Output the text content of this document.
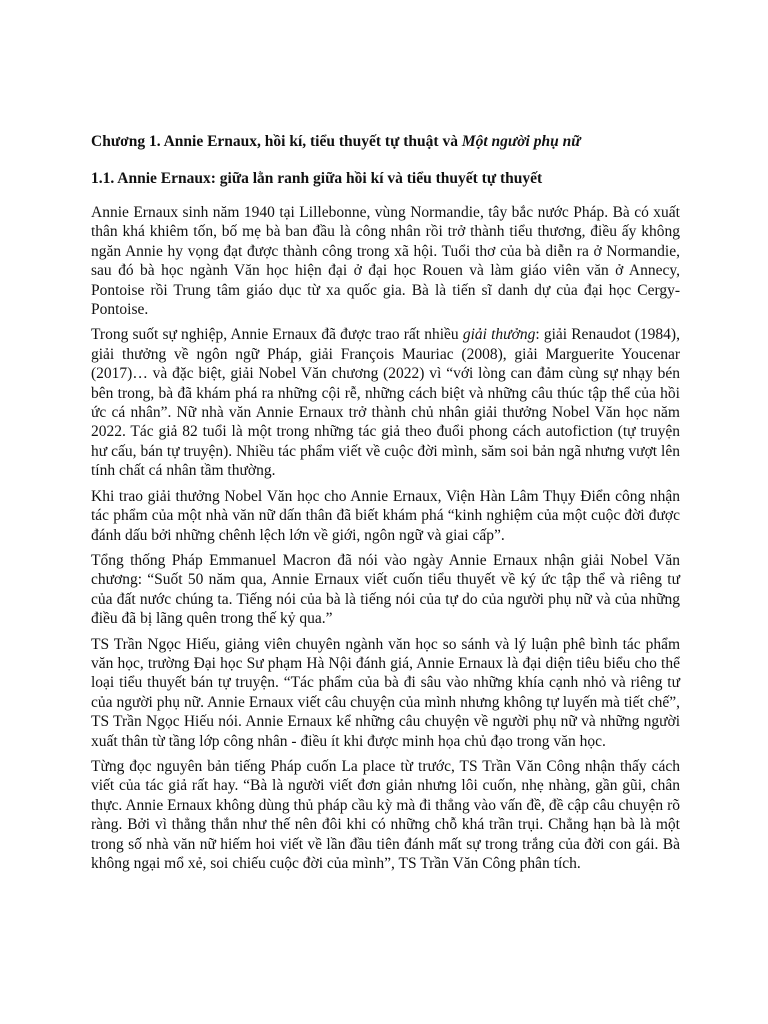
Chương 1. Annie Ernaux, hồi kí, tiểu thuyết tự thuật và Một người phụ nữ

1.1. Annie Ernaux: giữa lằn ranh giữa hồi kí và tiểu thuyết tự thuyết

Annie Ernaux sinh năm 1940 tại Lillebonne, vùng Normandie, tây bắc nước Pháp. Bà có xuất thân khá khiêm tốn, bố mẹ bà ban đầu là công nhân rồi trở thành tiểu thương, điều ấy không ngăn Annie hy vọng đạt được thành công trong xã hội. Tuổi thơ của bà diễn ra ở Normandie, sau đó bà học ngành Văn học hiện đại ở đại học Rouen và làm giáo viên văn ở Annecy, Pontoise rồi Trung tâm giáo dục từ xa quốc gia. Bà là tiến sĩ danh dự của đại học Cergy-Pontoise.

Trong suốt sự nghiệp, Annie Ernaux đã được trao rất nhiều giải thưởng: giải Renaudot (1984), giải thưởng về ngôn ngữ Pháp, giải François Mauriac (2008), giải Marguerite Youcenar (2017)… và đặc biệt, giải Nobel Văn chương (2022) vì “với lòng can đảm cùng sự nhạy bén bên trong, bà đã khám phá ra những cội rễ, những cách biệt và những câu thúc tập thể của hồi ức cá nhân”. Nữ nhà văn Annie Ernaux trở thành chủ nhân giải thưởng Nobel Văn học năm 2022. Tác giả 82 tuổi là một trong những tác giả theo đuổi phong cách autofiction (tự truyện hư cấu, bán tự truyện). Nhiều tác phẩm viết về cuộc đời mình, săm soi bản ngã nhưng vượt lên tính chất cá nhân tầm thường.

Khi trao giải thưởng Nobel Văn học cho Annie Ernaux, Viện Hàn Lâm Thụy Điển công nhận tác phẩm của một nhà văn nữ dấn thân đã biết khám phá “kinh nghiệm của một cuộc đời được đánh dấu bởi những chênh lệch lớn về giới, ngôn ngữ và giai cấp”.

Tổng thống Pháp Emmanuel Macron đã nói vào ngày Annie Ernaux nhận giải Nobel Văn chương: “Suốt 50 năm qua, Annie Ernaux viết cuốn tiểu thuyết về ký ức tập thể và riêng tư của đất nước chúng ta. Tiếng nói của bà là tiếng nói của tự do của người phụ nữ và của những điều đã bị lãng quên trong thế kỷ qua.”

TS Trần Ngọc Hiếu, giảng viên chuyên ngành văn học so sánh và lý luận phê bình tác phẩm văn học, trường Đại học Sư phạm Hà Nội đánh giá, Annie Ernaux là đại diện tiêu biểu cho thể loại tiểu thuyết bán tự truyện. “Tác phẩm của bà đi sâu vào những khía cạnh nhỏ và riêng tư của người phụ nữ. Annie Ernaux viết câu chuyện của mình nhưng không tự luyến mà tiết chế”, TS Trần Ngọc Hiếu nói. Annie Ernaux kể những câu chuyện về người phụ nữ và những người xuất thân từ tầng lớp công nhân - điều ít khi được minh họa chủ đạo trong văn học.

Từng đọc nguyên bản tiếng Pháp cuốn La place từ trước, TS Trần Văn Công nhận thấy cách viết của tác giả rất hay. “Bà là người viết đơn giản nhưng lôi cuốn, nhẹ nhàng, gần gũi, chân thực. Annie Ernaux không dùng thủ pháp cầu kỳ mà đi thẳng vào vấn đề, đề cập câu chuyện rõ ràng. Bởi vì thẳng thắn như thế nên đôi khi có những chỗ khá trần trụi. Chẳng hạn bà là một trong số nhà văn nữ hiếm hoi viết về lần đầu tiên đánh mất sự trong trắng của đời con gái. Bà không ngại mổ xẻ, soi chiếu cuộc đời của mình”, TS Trần Văn Công phân tích.
